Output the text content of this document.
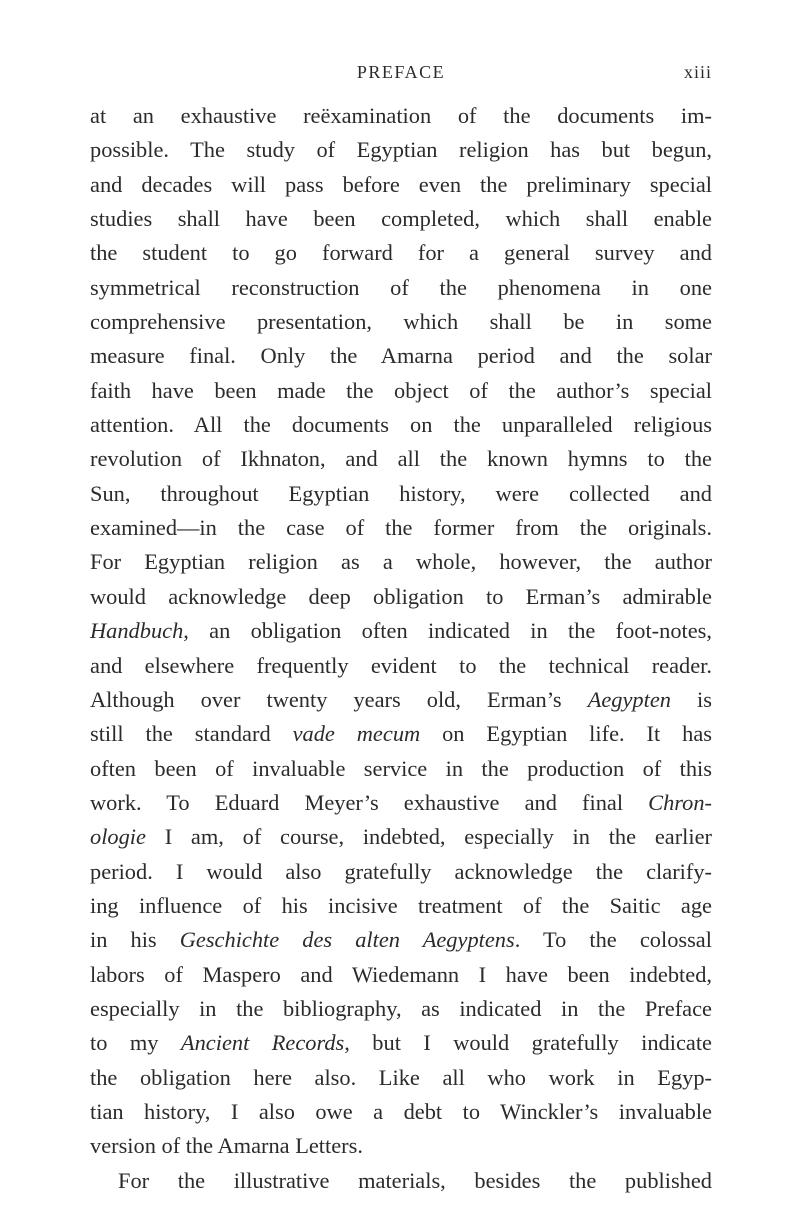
PREFACE	xiii
at an exhaustive reëxamination of the documents im-
possible. The study of Egyptian religion has but begun,
and decades will pass before even the preliminary special
studies shall have been completed, which shall enable
the student to go forward for a general survey and
symmetrical reconstruction of the phenomena in one
comprehensive presentation, which shall be in some
measure final. Only the Amarna period and the solar
faith have been made the object of the author’s special
attention. All the documents on the unparalleled religious
revolution of Ikhnaton, and all the known hymns to the
Sun, throughout Egyptian history, were collected and
examined—in the case of the former from the originals.
For Egyptian religion as a whole, however, the author
would acknowledge deep obligation to Erman’s admirable
Handbuch, an obligation often indicated in the foot-notes,
and elsewhere frequently evident to the technical reader.
Although over twenty years old, Erman’s Aegypten is
still the standard vade mecum on Egyptian life. It has
often been of invaluable service in the production of this
work. To Eduard Meyer’s exhaustive and final Chron-
ologie I am, of course, indebted, especially in the earlier
period. I would also gratefully acknowledge the clarify-
ing influence of his incisive treatment of the Saitic age
in his Geschichte des alten Aegyptens. To the colossal
labors of Maspero and Wiedemann I have been indebted,
especially in the bibliography, as indicated in the Preface
to my Ancient Records, but I would gratefully indicate
the obligation here also. Like all who work in Egyp-
tian history, I also owe a debt to Winckler’s invaluable
version of the Amarna Letters.
For the illustrative materials, besides the published
